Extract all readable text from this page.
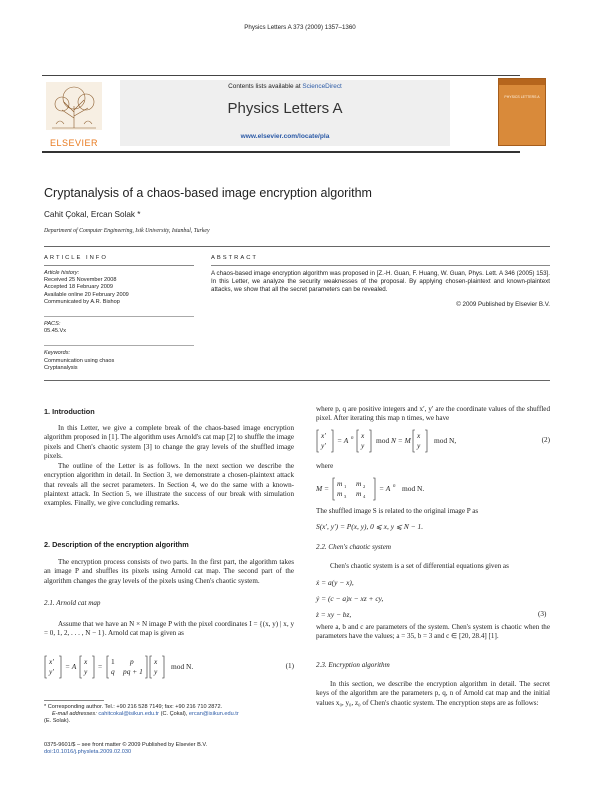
Physics Letters A 373 (2009) 1357–1360
ELSEVIER
Contents lists available at ScienceDirect
Physics Letters A
www.elsevier.com/locate/pla
PHYSICS LETTERS A
Cryptanalysis of a chaos-based image encryption algorithm
Cahit Çokal, Ercan Solak *
Department of Computer Engineering, Isik University, Istanbul, Turkey
ARTICLE INFO	ABSTRACT
Article history:
Received 25 November 2008
Accepted 18 February 2009
Available online 20 February 2009
Communicated by A.R. Bishop
PACS:
05.45.Vx
Keywords:
Communication using chaos
Cryptanalysis
A chaos-based image encryption algorithm was proposed in [Z.-H. Guan, F. Huang, W. Guan, Phys. Lett. A 346 (2005) 153]. In this Letter, we analyze the security weaknesses of the proposal. By applying chosen-plaintext and known-plaintext attacks, we show that all the secret parameters can be revealed.
© 2009 Published by Elsevier B.V.
1. Introduction
In this Letter, we give a complete break of the chaos-based image encryption algorithm proposed in [1]. The algorithm uses Arnold's cat map [2] to shuffle the image pixels and Chen's chaotic system [3] to change the gray levels of the shuffled image pixels.
The outline of the Letter is as follows. In the next section we describe the encryption algorithm in detail. In Section 3, we demonstrate a chosen-plaintext attack that reveals all the secret parameters. In Section 4, we do the same with a known-plaintext attack. In Section 5, we illustrate the success of our break with simulation examples. Finally, we give concluding remarks.
2. Description of the encryption algorithm
The encryption process consists of two parts. In the first part, the algorithm takes an image P and shuffles its pixels using Arnold cat map. The second part of the algorithm changes the gray levels of the pixels using Chen's chaotic system.
2.1. Arnold cat map
Assume that we have an N × N image P with the pixel coordinates I = {(x, y) | x, y = 0, 1, 2, . . . , N − 1}. Arnold cat map is given as
x′
y′
= A
x
y
=
1 p
q pq + 1
x
y
mod N.	(1)
* Corresponding author. Tel.: +90 216 528 7149; fax: +90 216 710 2872.
E-mail addresses: cahitcokal@isikun.edu.tr (C. Çokal), ercan@isikun.edu.tr
(E. Solak).
0375-9601/$ – see front matter © 2009 Published by Elsevier B.V.
doi:10.1016/j.physleta.2009.02.030
where p, q are positive integers and x′, y′ are the coordinate values of the shuffled pixel. After iterating this map n times, we have
x′
y′
= A n x
y
mod N = M
x
y
mod N,	(2)
where
M =
m 1 m 2
m 3 m 4
= A n mod N.
The shuffled image S is related to the original image P as
S(x′, y′) = P(x, y), 0 ⩽ x, y ⩽ N − 1.
2.2. Chen's chaotic system
Chen's chaotic system is a set of differential equations given as
ẋ = a(y − x),
ẏ = (c − a)x − xz + cy,
ż = xy − bz,	(3)
where a, b and c are parameters of the system. Chen's system is chaotic when the parameters have the values; a = 35, b = 3 and c ∈ [20, 28.4] [1].
2.3. Encryption algorithm
In this section, we describe the encryption algorithm in detail. The secret keys of the algorithm are the parameters p, q, n of Arnold cat map and the initial values x₀, y₀, z₀ of Chen's chaotic system. The encryption steps are as follows:
